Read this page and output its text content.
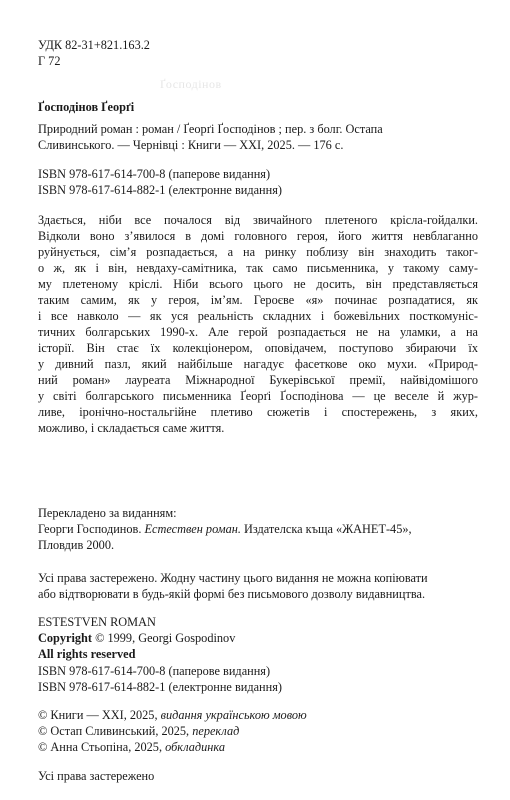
Ґосподінов
УДК 82-31+821.163.2
Г 72
Ґосподінов Ґеорґі
Природний роман : роман / Ґеорґі Ґосподінов ; пер. з болг. Остапа
Сливинського. — Чернівці : Книги — ХХІ, 2025. — 176 с.
ISBN 978-617-614-700-8 (паперове видання)
ISBN 978-617-614-882-1 (електронне видання)

Здається, ніби все почалося від звичайного плетеного крісла-гойдалки.

Відколи воно з’явилося в домі головного героя, його життя невблаганно

руйнується, сім’я розпадається, а на ринку поблизу він знаходить таког-

о ж, як і він, невдаху-самітника, так само письменника, у такому саму-

му плетеному кріслі. Ніби всього цього не досить, він представляється

таким самим, як у героя, ім’ям. Героєве «я» починає розпадатися, як

і все навколо — як уся реальність складних і божевільних посткомуніс-

тичних болгарських 1990-х. Але герой розпадається не на уламки, а на

історії. Він стає їх колекціонером, оповідачем, поступово збираючи їх

у дивний пазл, який найбільше нагадує фасеткове око мухи. «Природ-

ний роман» лауреата Міжнародної Букерівської премії, найвідомішого

у світі болгарського письменника Ґеорґі Ґосподінова — це веселе й жур-

ливе, іронічно-ностальгійне плетиво сюжетів і спостережень, з яких,

можливо, і складається саме життя.

Перекладено за виданням:
Георги Господинов. Естествен роман. Издателска къща «ЖАНЕТ-45»,
Пловдив 2000.
Усі права застережено. Жодну частину цього видання не можна копіювати
або відтворювати в будь-якій формі без письмового дозволу видавництва.
ESTESTVEN ROMAN
Copyright © 1999, Georgi Gospodinov
All rights reserved
ISBN 978-617-614-700-8 (паперове видання)
ISBN 978-617-614-882-1 (електронне видання)
© Книги — ХХІ, 2025, видання українською мовою
© Остап Сливинський, 2025, переклад
© Анна Стьопіна, 2025, обкладинка
Усі права застережено
